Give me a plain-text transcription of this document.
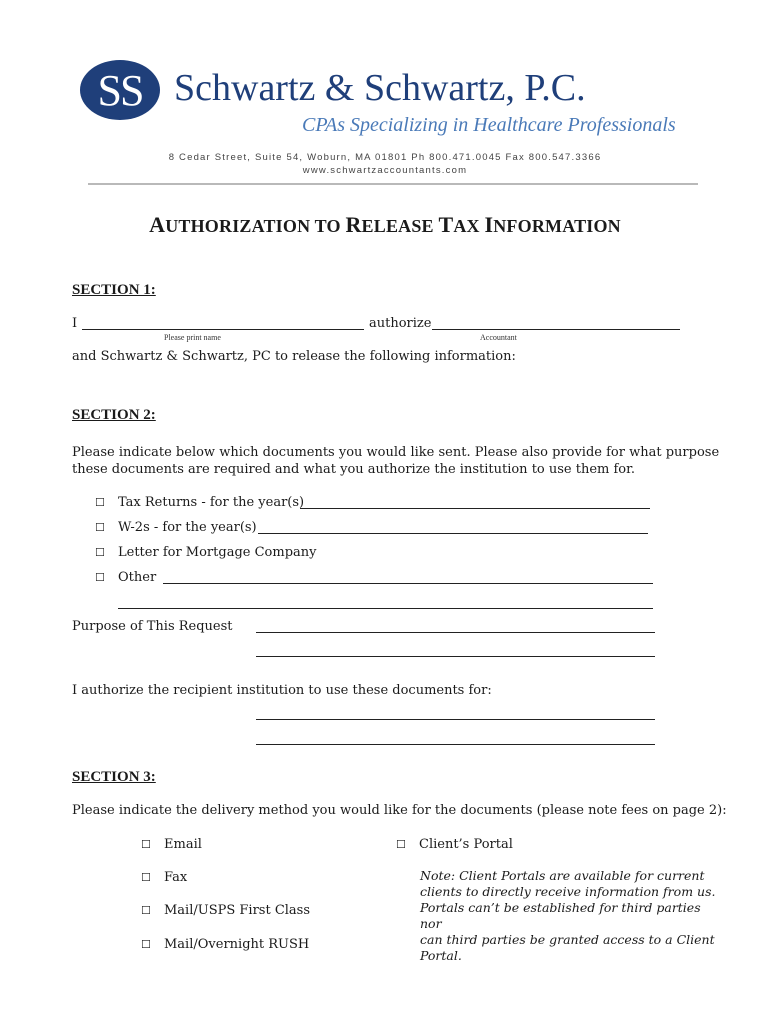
SS Schwartz & Schwartz, P.C.
CPAs Specializing in Healthcare Professionals
8 Cedar Street, Suite 54, Woburn, MA 01801 Ph 800.471.0045 Fax 800.547.3366
www.schwartzaccountants.com
AUTHORIZATION TO RELEASE TAX INFORMATION
SECTION 1:
I	authorize
Please print name	Accountant
and Schwartz & Schwartz, PC to release the following information:
SECTION 2:
Please indicate below which documents you would like sent. Please also provide for what purpose
these documents are required and what you authorize the institution to use them for.
☐ Tax Returns - for the year(s)
☐ W-2s - for the year(s)
☐ Letter for Mortgage Company
☐ Other
Purpose of This Request
I authorize the recipient institution to use these documents for:
SECTION 3:
Please indicate the delivery method you would like for the documents (please note fees on page 2):
☐ Email
☐ Fax
☐ Mail/USPS First Class
☐ Mail/Overnight RUSH
☐ Client’s Portal
Note: Client Portals are available for current
clients to directly receive information from us.
Portals can’t be established for third parties nor
can third parties be granted access to a Client
Portal.
